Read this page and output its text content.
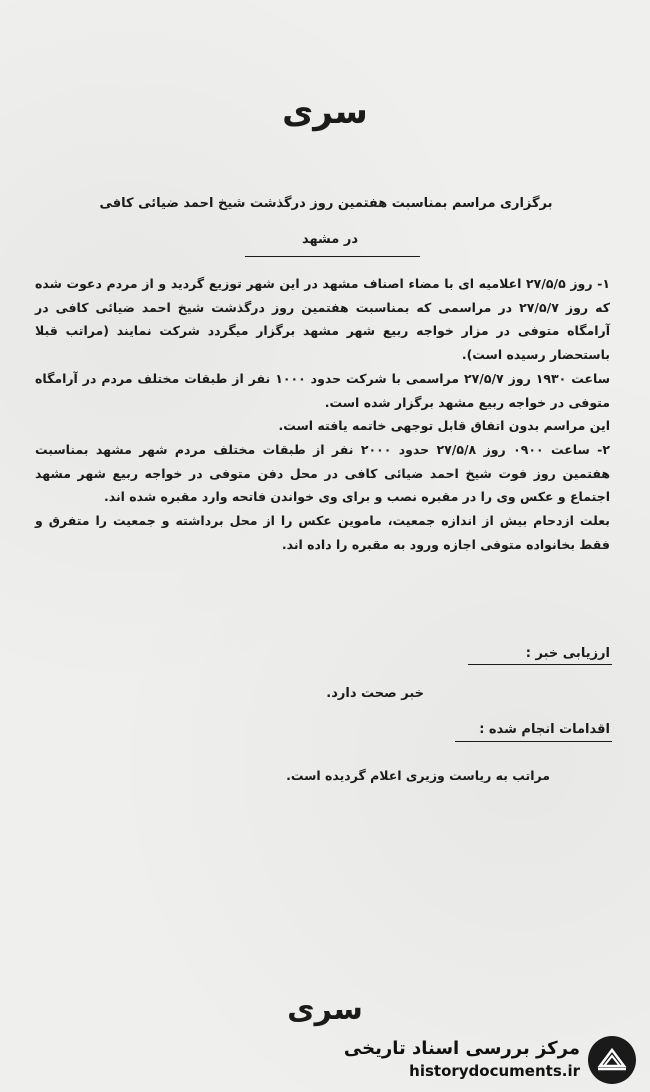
سری
برگزاری مراسم بمناسبت هفتمین روز درگذشت شیخ احمد ضیائی کافی
در مشهد

۱- روز ۲۷/۵/۵ اعلامیه ای با مضاء اصناف مشهد در این شهر توزیع گردید و از مردم دعوت شده که روز ۲۷/۵/۷ در مراسمی که بمناسبت هفتمین روز درگذشت شیخ احمد ضیائی کافی در آرامگاه متوفی در مزار خواجه ربیع شهر مشهد برگزار میگردد شرکت نمایند (مراتب قبلا باستحضار رسیده است).

ساعت ۱۹۳۰ روز ۲۷/۵/۷ مراسمی با شرکت حدود ۱۰۰۰ نفر از طبقات مختلف مردم در آرامگاه متوفی در خواجه ربیع مشهد برگزار شده است.

این مراسم بدون اتفاق قابل توجهی خاتمه یافته است.

۲- ساعت ۰۹۰۰ روز ۲۷/۵/۸ حدود ۲۰۰۰ نفر از طبقات مختلف مردم شهر مشهد بمناسبت هفتمین روز فوت شیخ احمد ضیائی کافی در محل دفن متوفی در خواجه ربیع شهر مشهد اجتماع و عکس وی را در مقبره نصب و برای وی خواندن فاتحه وارد مقبره شده اند.

بعلت ازدحام بیش از اندازه جمعیت، ماموین عکس را از محل برداشته و جمعیت را متفرق و فقط بخانواده متوفی اجازه ورود به مقبره را داده اند.

ارزیابی خبر :
خبر صحت دارد.
اقدامات انجام شده :
مراتب به ریاست وزیری اعلام گردیده است.
سری
مرکز بررسی اسناد تاریخی
historydocuments.ir
